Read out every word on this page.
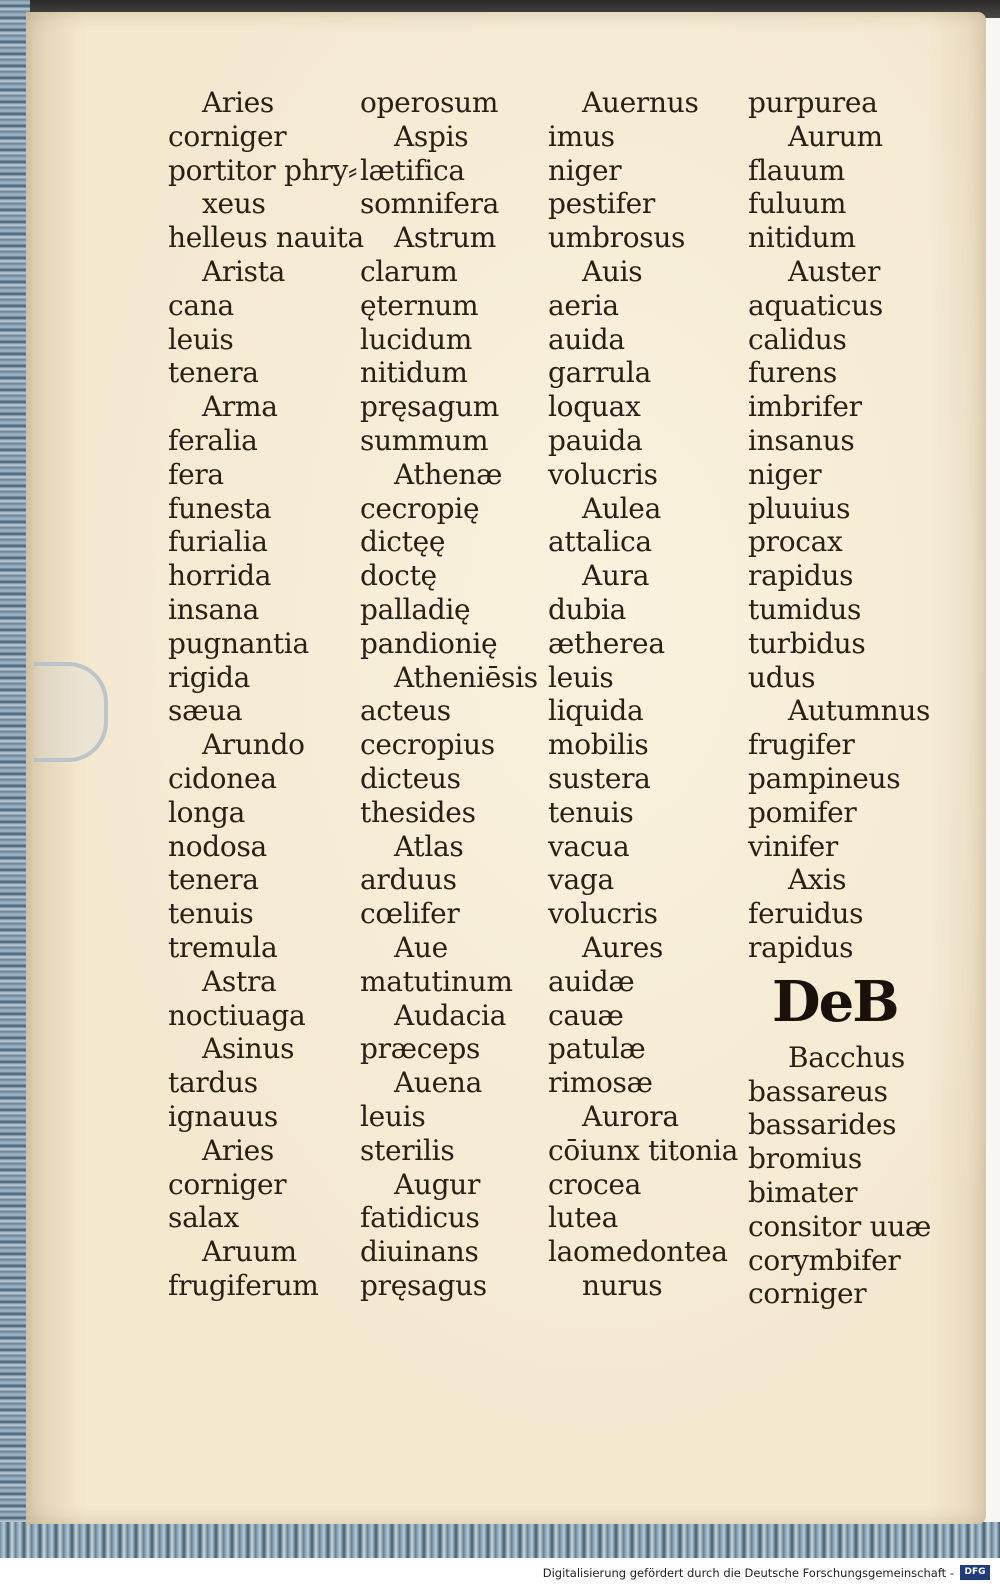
Aries
corniger
portitor phry⸗
xeus
helleus nauita
Arista
cana
leuis
tenera
Arma
feralia
fera
funesta
furialia
horrida
insana
pugnantia
rigida
sæua
Arundo
cidonea
longa
nodosa
tenera
tenuis
tremula
Astra
noctiuaga
Asinus
tardus
ignauus
Aries
corniger
salax
Aruum
frugiferum
operosum
Aspis
lætifica
somnifera
Astrum
clarum
ęternum
lucidum
nitidum
pręsagum
summum
Athenæ
cecropię
dictęę
doctę
palladię
pandionię
Atheniēsis
acteus
cecropius
dicteus
thesides
Atlas
arduus
cœlifer
Aue
matutinum
Audacia
præceps
Auena
leuis
sterilis
Augur
fatidicus
diuinans
pręsagus
Auernus
imus
niger
pestifer
umbrosus
Auis
aeria
auida
garrula
loquax
pauida
volucris
Aulea
attalica
Aura
dubia
ætherea
leuis
liquida
mobilis
sustera
tenuis
vacua
vaga
volucris
Aures
auidæ
cauæ
patulæ
rimosæ
Aurora
cōiunx titonia
crocea
lutea
laomedontea
nurus
purpurea
Aurum
flauum
fuluum
nitidum
Auster
aquaticus
calidus
furens
imbrifer
insanus
niger
pluuius
procax
rapidus
tumidus
turbidus
udus
Autumnus
frugifer
pampineus
pomifer
vinifer
Axis
feruidus
rapidus
DeB
Bacchus
bassareus
bassarides
bromius
bimater
consitor uuæ
corymbifer
corniger
Digitalisierung gefördert durch die Deutsche Forschungsgemeinschaft -	DFG
